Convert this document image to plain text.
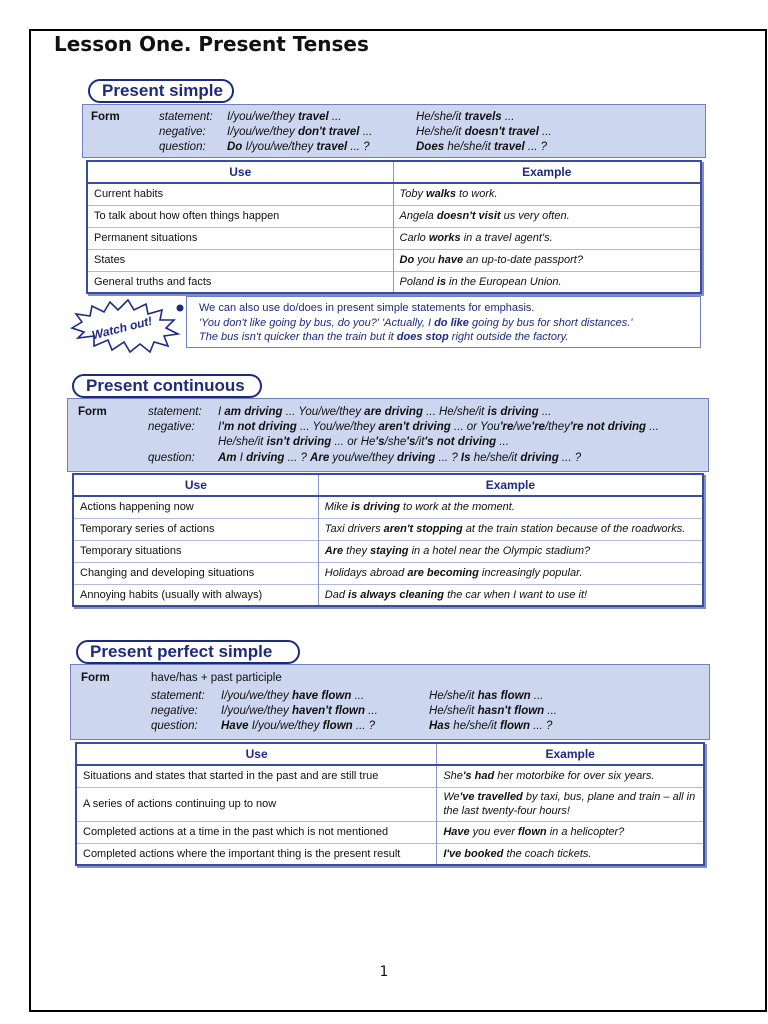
Lesson One. Present Tenses
Present simple
Form	statement: I/you/we/they travel ...	He/she/it travels ...
negative: I/you/we/they don't travel ...	He/she/it doesn't travel ...
question: Do I/you/we/they travel ... ?	Does he/she/it travel ... ?
Use	Example
Current habits	Toby walks to work.
To talk about how often things happen	Angela doesn't visit us very often.
Permanent situations	Carlo works in a travel agent's.
States	Do you have an up-to-date passport?
General truths and facts	Poland is in the European Union.
Watch out!
We can also use do/does in present simple statements for emphasis.
'You don't like going by bus, do you?' 'Actually, I do like going by bus for short distances.'
The bus isn't quicker than the train but it does stop right outside the factory.
Present continuous
Form	statement: I am driving ... You/we/they are driving ... He/she/it is driving ...
negative: I'm not driving ... You/we/they aren't driving ... or You're/we're/they're not driving ...
He/she/it isn't driving ... or He's/she's/it's not driving ...
question: Am I driving ... ? Are you/we/they driving ... ? Is he/she/it driving ... ?
Use	Example
Actions happening now	Mike is driving to work at the moment.
Temporary series of actions	Taxi drivers aren't stopping at the train station because of the roadworks.
Temporary situations	Are they staying in a hotel near the Olympic stadium?
Changing and developing situations	Holidays abroad are becoming increasingly popular.
Annoying habits (usually with always)	Dad is always cleaning the car when I want to use it!
Present perfect simple
Form	have/has + past participle
statement: I/you/we/they have flown ...	He/she/it has flown ...
negative: I/you/we/they haven't flown ...	He/she/it hasn't flown ...
question: Have I/you/we/they flown ... ?	Has he/she/it flown ... ?
Use	Example
Situations and states that started in the past and are still true	She's had her motorbike for over six years.
A series of actions continuing up to now	We've travelled by taxi, bus, plane and train – all in the last twenty-four hours!
Completed actions at a time in the past which is not mentioned	Have you ever flown in a helicopter?
Completed actions where the important thing is the present result	I've booked the coach tickets.
1
